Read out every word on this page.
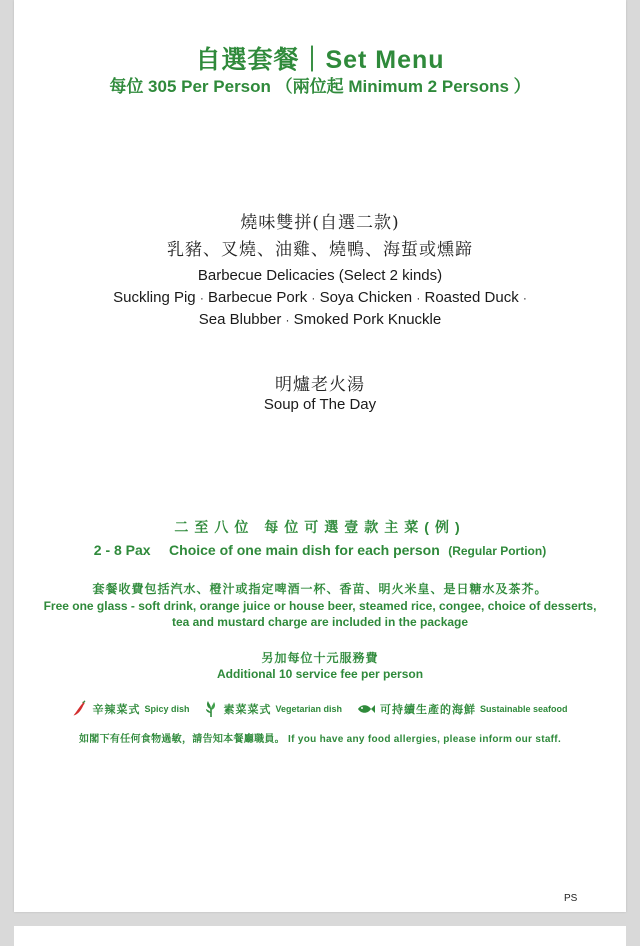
自選套餐｜Set Menu
每位 305 Per Person （兩位起 Minimum 2 Persons ）
燒味雙拼(自選二款)
乳豬、叉燒、油雞、燒鴨、海蜇或燻蹄
Barbecue Delicacies (Select 2 kinds)
Suckling Pig · Barbecue Pork · Soya Chicken · Roasted Duck ·
Sea Blubber · Smoked Pork Knuckle
明爐老火湯
Soup of The Day
二至八位 每位可選壹款主菜(例)
2 - 8 Pax Choice of one main dish for each person (Regular Portion)
套餐收費包括汽水、橙汁或指定啤酒一杯、香苗、明火米皇、是日糖水及茶芥。
Free one glass - soft drink, orange juice or house beer, steamed rice, congee, choice of desserts,
tea and mustard charge are included in the package
另加每位十元服務費
Additional 10 service fee per person
辛辣菜式 Spicy dish	素菜菜式 Vegetarian dish	可持續生產的海鮮 Sustainable seafood
如閣下有任何食物過敏，請告知本餐廳職員。 If you have any food allergies, please inform our staff.
PS
